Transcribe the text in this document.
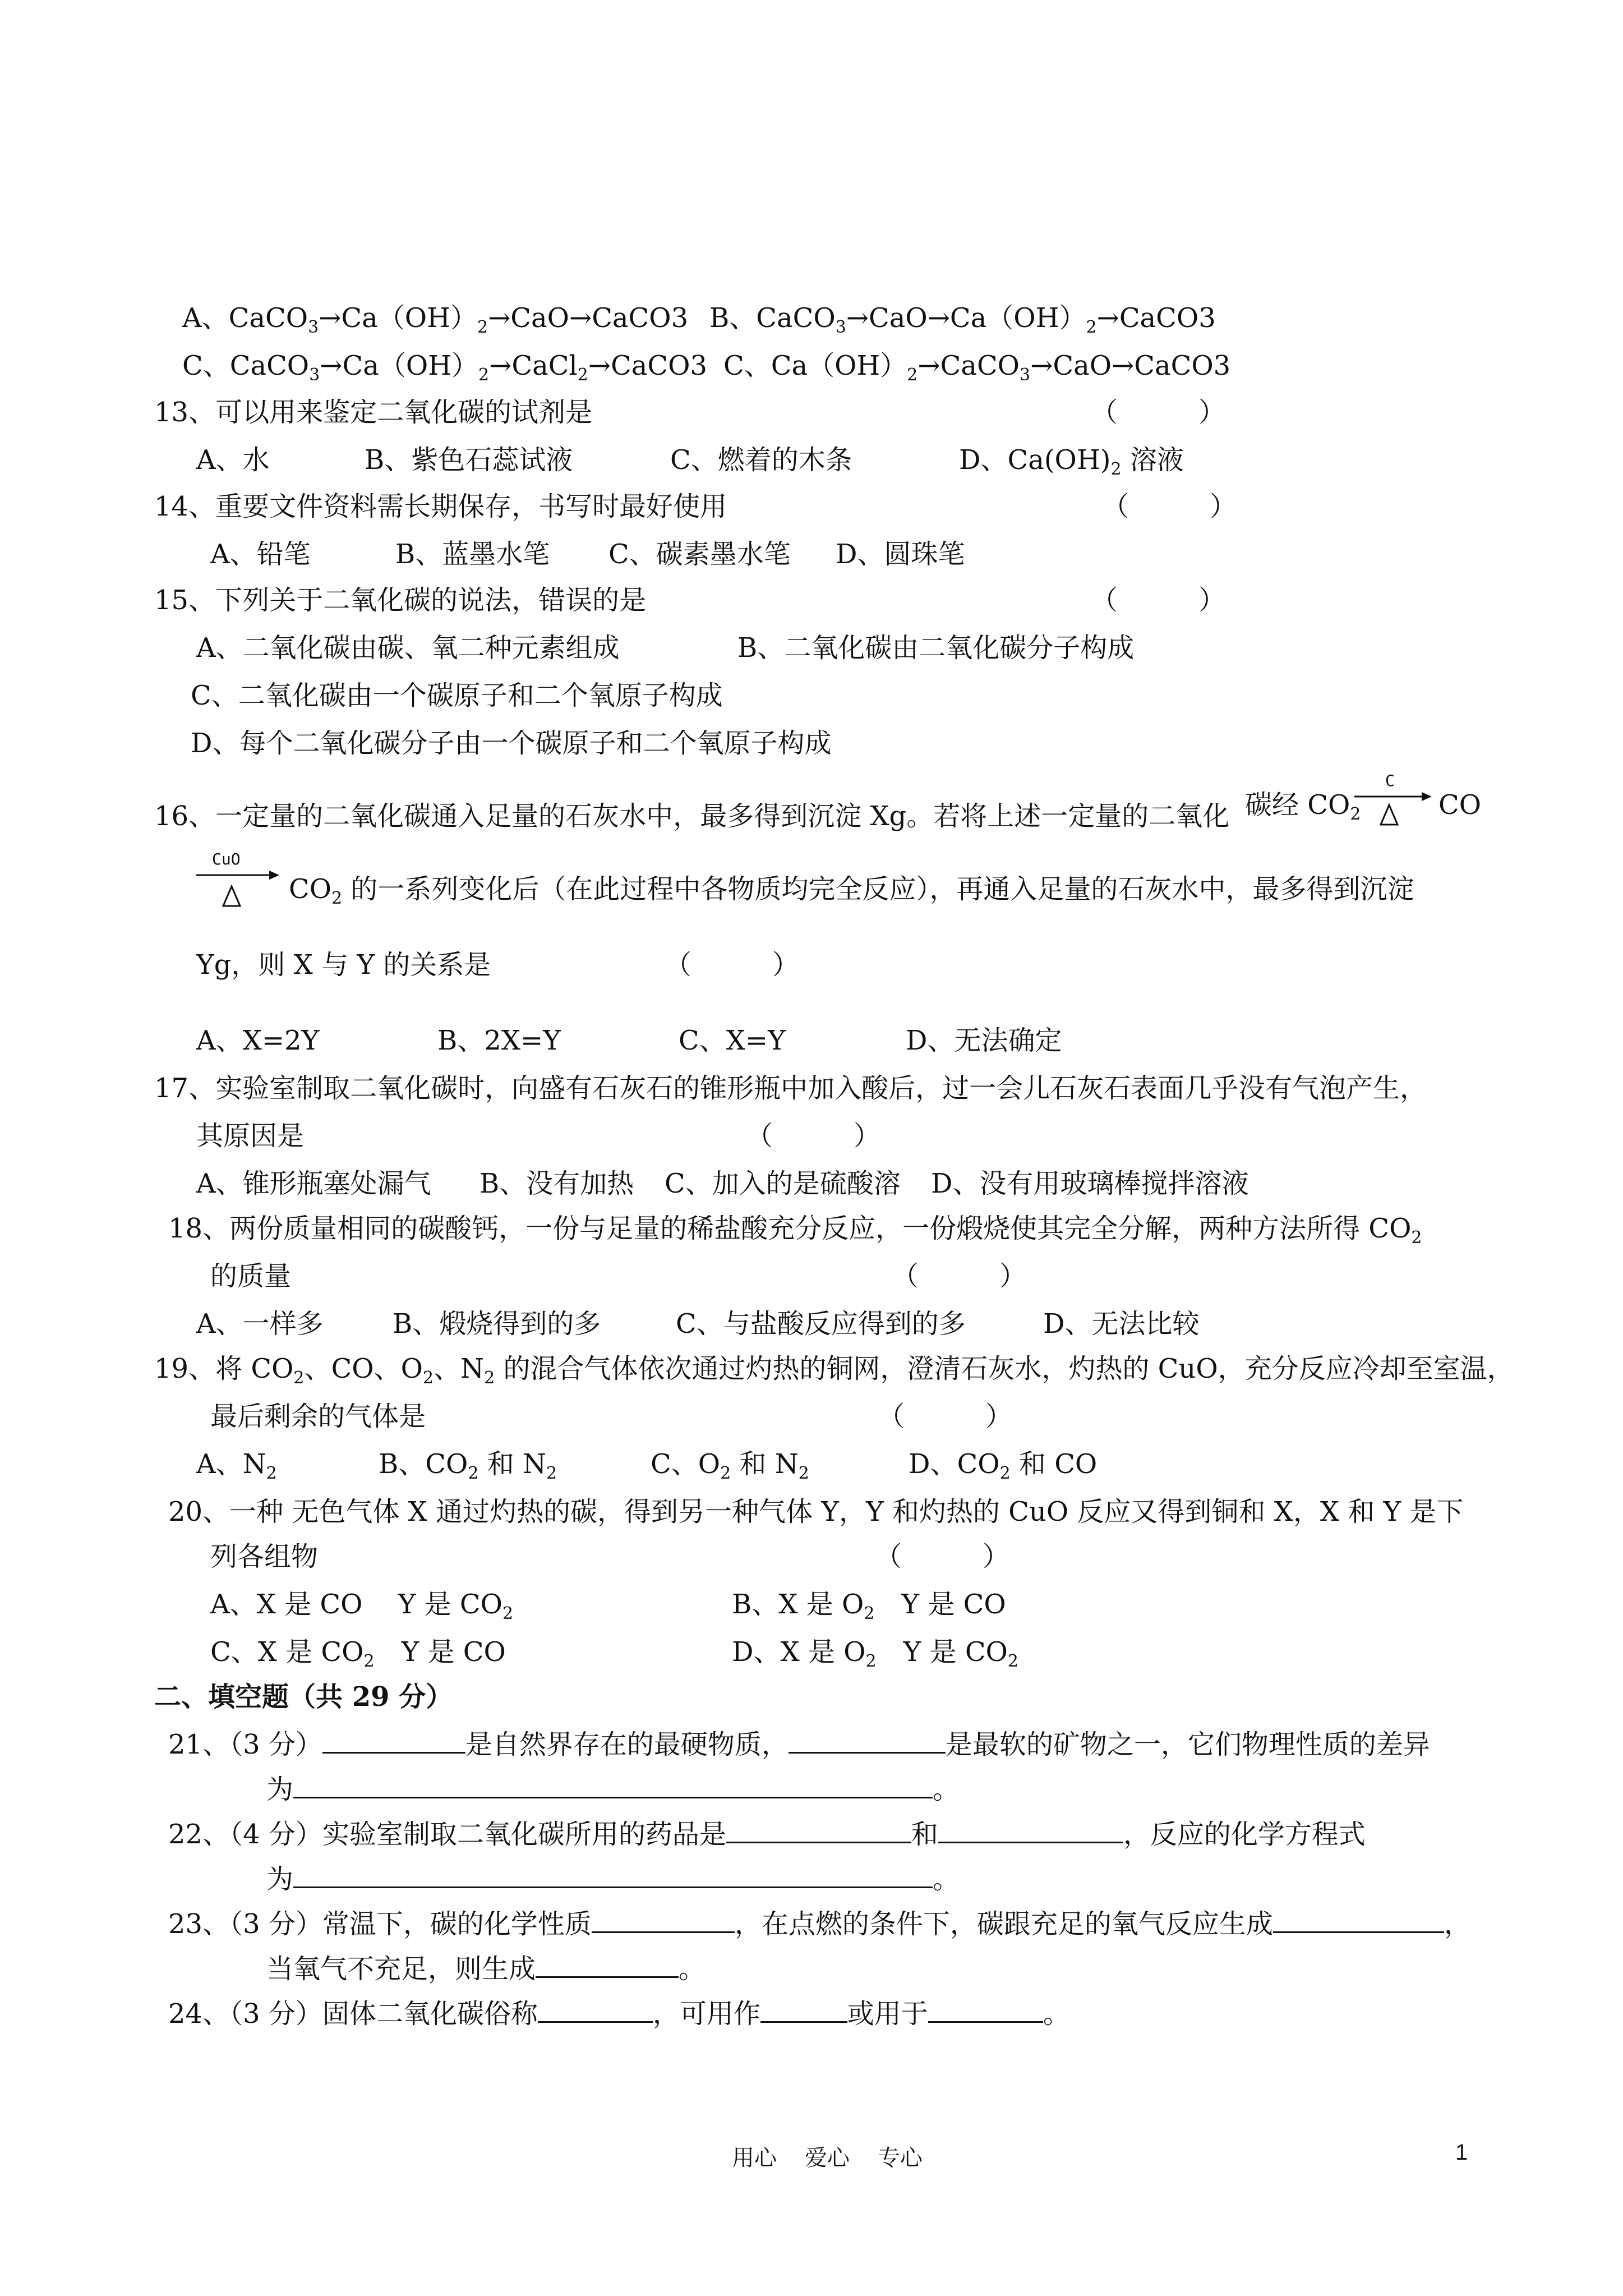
A、$CaCO_3\to Ca(OH)_2\to CaO\to CaCO3$ B、$CaCO_3\to CaO\to Ca(OH)_2\to CaCO3$
C、$CaCO_3\to Ca(OH)_2\to CaCl_2\to CaCO3$ C、$Ca(OH)_2\to CaCO_3\to CaO\to CaCO3$
13、可以用来鉴定二氧化碳的试剂是	（　　　）
A、水	B、紫色石蕊试液	C、燃着的木条	D、$Ca(OH)_2$ 溶液
14、重要文件资料需长期保存，书写时最好使用	（　　　）
A、铅笔	B、蓝墨水笔 C、碳素墨水笔 D、圆珠笔
15、下列关于二氧化碳的说法，错误的是	（　　　）
A、二氧化碳由碳、氧二种元素组成	B、二氧化碳由二氧化碳分子构成
C、二氧化碳由一个碳原子和二个氧原子构成
D、每个二氧化碳分子由一个碳原子和二个氧原子构成
16、一定量的二氧化碳通入足量的石灰水中，最多得到沉淀 Xg。若将上述一定量的二氧化 碳经 $CO_2$
C
CO
CuO
$CO_2$ 的一系列变化后（在此过程中各物质均完全反应），再通入足量的石灰水中，最多得到沉淀
Yg，则 X 与 Y 的关系是	（　　　）
A、X=2Y	B、2X=Y	C、X=Y	D、无法确定
17、实验室制取二氧化碳时，向盛有石灰石的锥形瓶中加入酸后，过一会儿石灰石表面几乎没有气泡产生，
其原因是	（　　　）
A、锥形瓶塞处漏气 B、没有加热 C、加入的是硫酸溶 D、没有用玻璃棒搅拌溶液
18、两份质量相同的碳酸钙，一份与足量的稀盐酸充分反应，一份煅烧使其完全分解，两种方法所得 $CO_2$
的质量	（　　　）
A、一样多	B、煅烧得到的多	C、与盐酸反应得到的多	D、无法比较
19、将 $CO_2$、CO、$O_2$、$N_2$ 的混合气体依次通过灼热的铜网，澄清石灰水，灼热的 CuO，充分反应冷却至室温，
最后剩余的气体是	（　　　）
A、$N_2$	B、$CO_2$ 和 $N_2$	C、$O_2$ 和 $N_2$	D、$CO_2$ 和 CO
20、一种 无色气体 X 通过灼热的碳，得到另一种气体 Y，Y 和灼热的 CuO 反应又得到铜和 X，X 和 Y 是下
列各组物	（　　　）
A、X 是 CO　 Y 是 $CO_2$	B、X 是 $O_2$　Y 是 CO
C、X 是 $CO_2$　Y 是 CO	D、X 是 $O_2$　Y 是 $CO_2$
二、填空题（共 29 分）
21、（3 分）	是自然界存在的最硬物质，	是最软的矿物之一，它们物理性质的差异
为	。
22、（4 分）实验室制取二氧化碳所用的药品是	和	，反应的化学方程式
为	。
23、（3 分）常温下，碳的化学性质	，在点燃的条件下，碳跟充足的氧气反应生成	，
当氧气不充足，则生成	。
24、（3 分）固体二氧化碳俗称	，可用作	或用于	。
用心　 爱心　 专心	1
